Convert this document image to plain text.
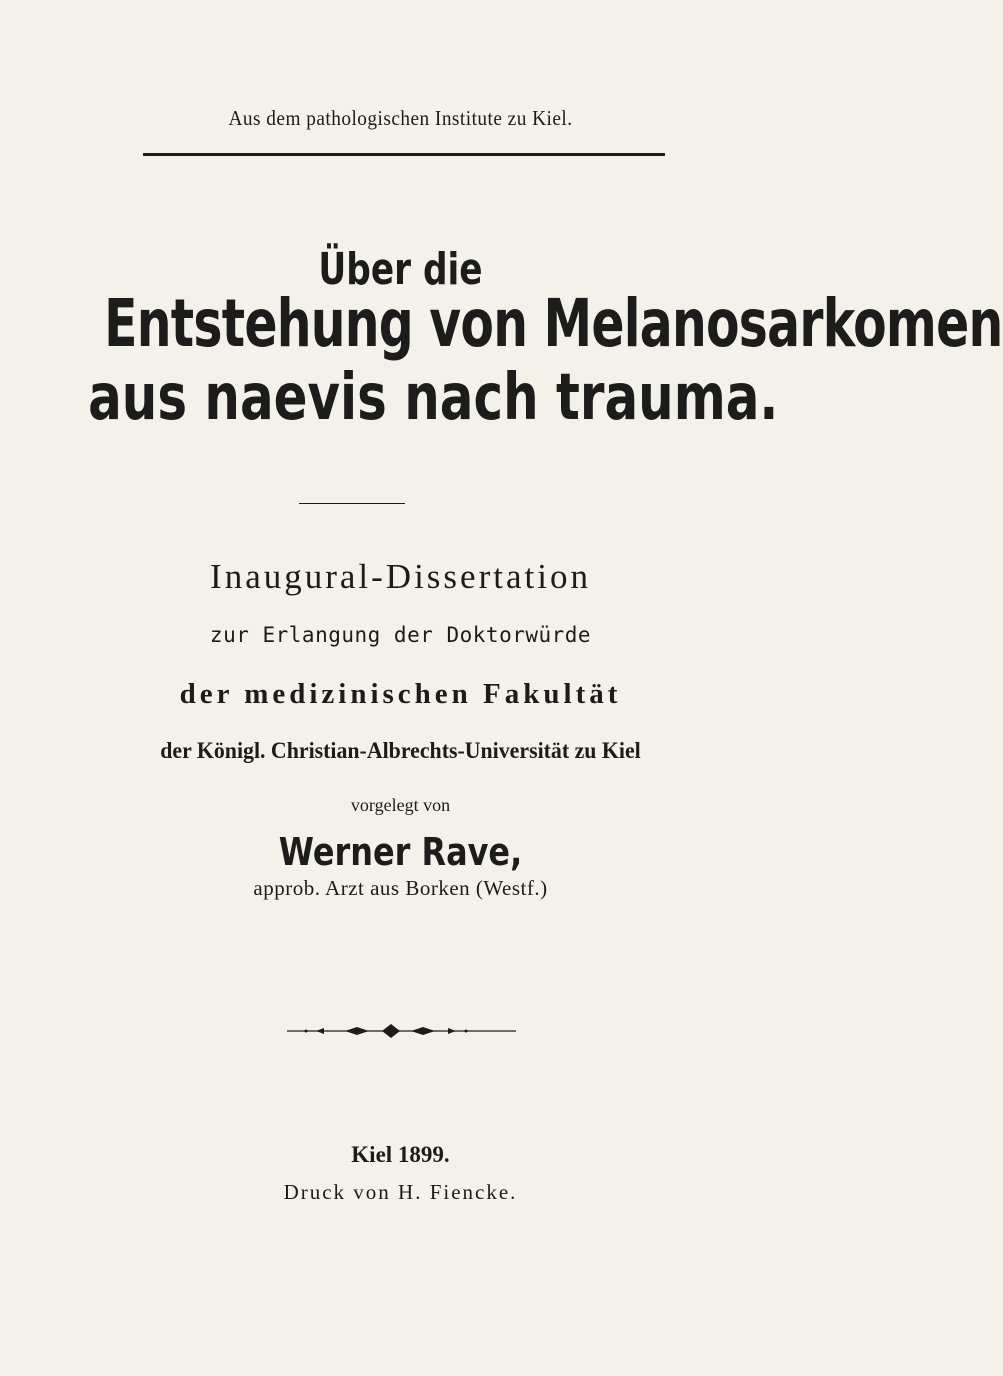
Aus dem pathologischen Institute zu Kiel.
Über die
Entstehung von Melanosarkomen
aus naevis nach trauma.
Inaugural-Dissertation
zur Erlangung der Doktorwürde
der medizinischen Fakultät
der Königl. Christian-Albrechts-Universität zu Kiel
vorgelegt von
Werner Rave,
approb. Arzt aus Borken (Westf.)
Kiel 1899.
Druck von H. Fiencke.
